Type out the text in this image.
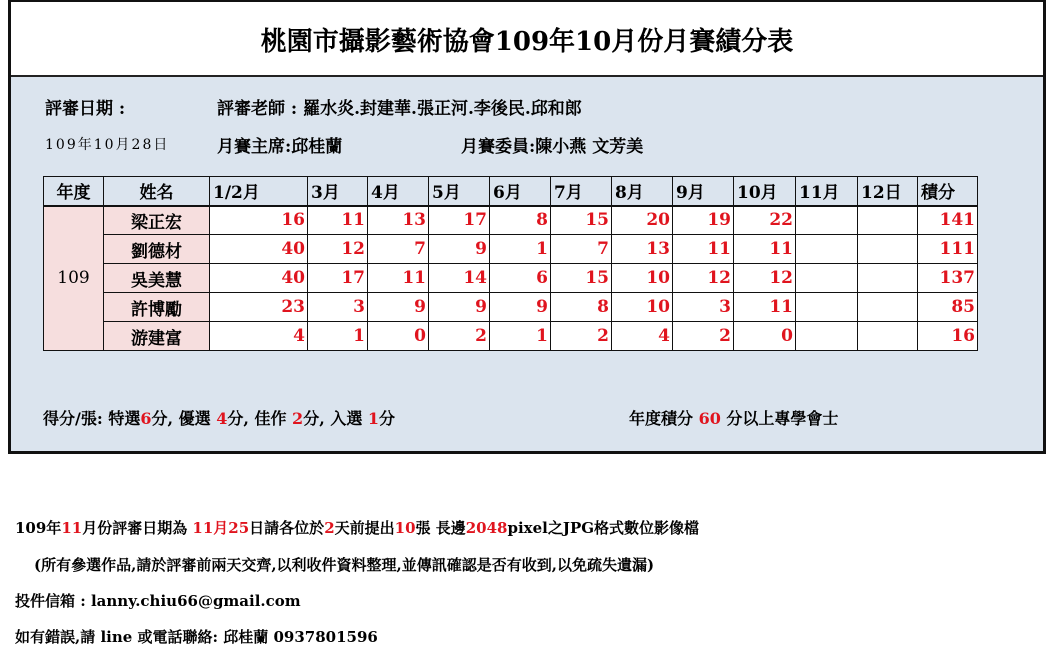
桃園市攝影藝術協會109年10月份月賽績分表
評審日期 :	評審老師 : 羅水炎.封建華.張正河.李後民.邱和郎
109年10月28日	月賽主席:邱桂蘭	月賽委員:陳小燕 文芳美
年度	姓名	1/2月	3月	4月	5月	6月	7月	8月	9月	10月	11月	12日	積分
109	梁正宏	16	11	13	17	8	15	20	19	22			141
	劉德材	40	12	7	9	1	7	13	11	11			111
	吳美慧	40	17	11	14	6	15	10	12	12			137
	許博勵	23	3	9	9	9	8	10	3	11			85
	游建富	4	1	0	2	1	2	4	2	0			16
得分/張: 特選6分, 優選 4分, 佳作 2分, 入選 1分	年度積分 60 分以上專學會士
109年11月份評審日期為 11月25日請各位於2天前提出10張 長邊2048pixel之JPG格式數位影像檔
(所有參選作品,請於評審前兩天交齊,以利收件資料整理,並傳訊確認是否有收到,以免疏失遺漏)
投件信箱 : lanny.chiu66@gmail.com
如有錯誤,請 line 或電話聯絡: 邱桂蘭 0937801596
